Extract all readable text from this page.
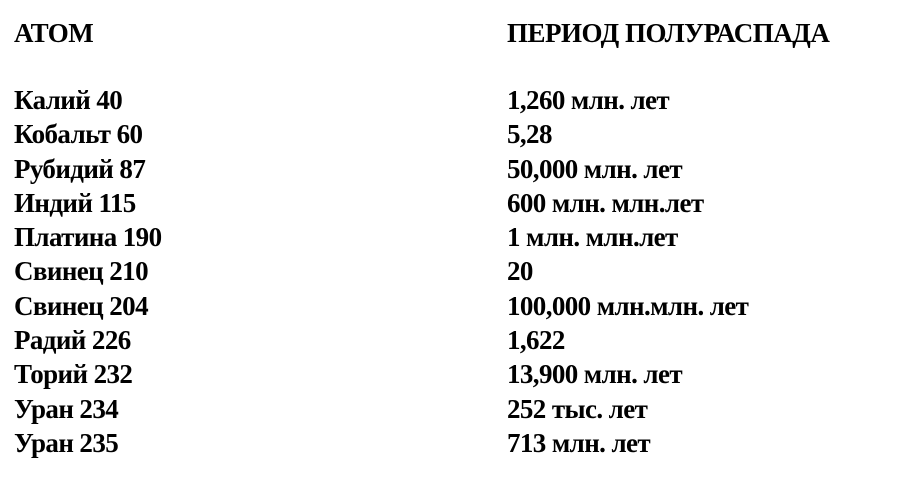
АТОМ	ПЕРИОД ПОЛУРАСПАДА
Калий 40	1,260 млн. лет
Кобальт 60	5,28
Рубидий 87	50,000 млн. лет
Индий 115	600 млн. млн.лет
Платина 190	1 млн. млн.лет
Свинец 210	20
Свинец 204	100,000 млн.млн. лет
Радий 226	1,622
Торий 232	13,900 млн. лет
Уран 234	252 тыс. лет
Уран 235	713 млн. лет
